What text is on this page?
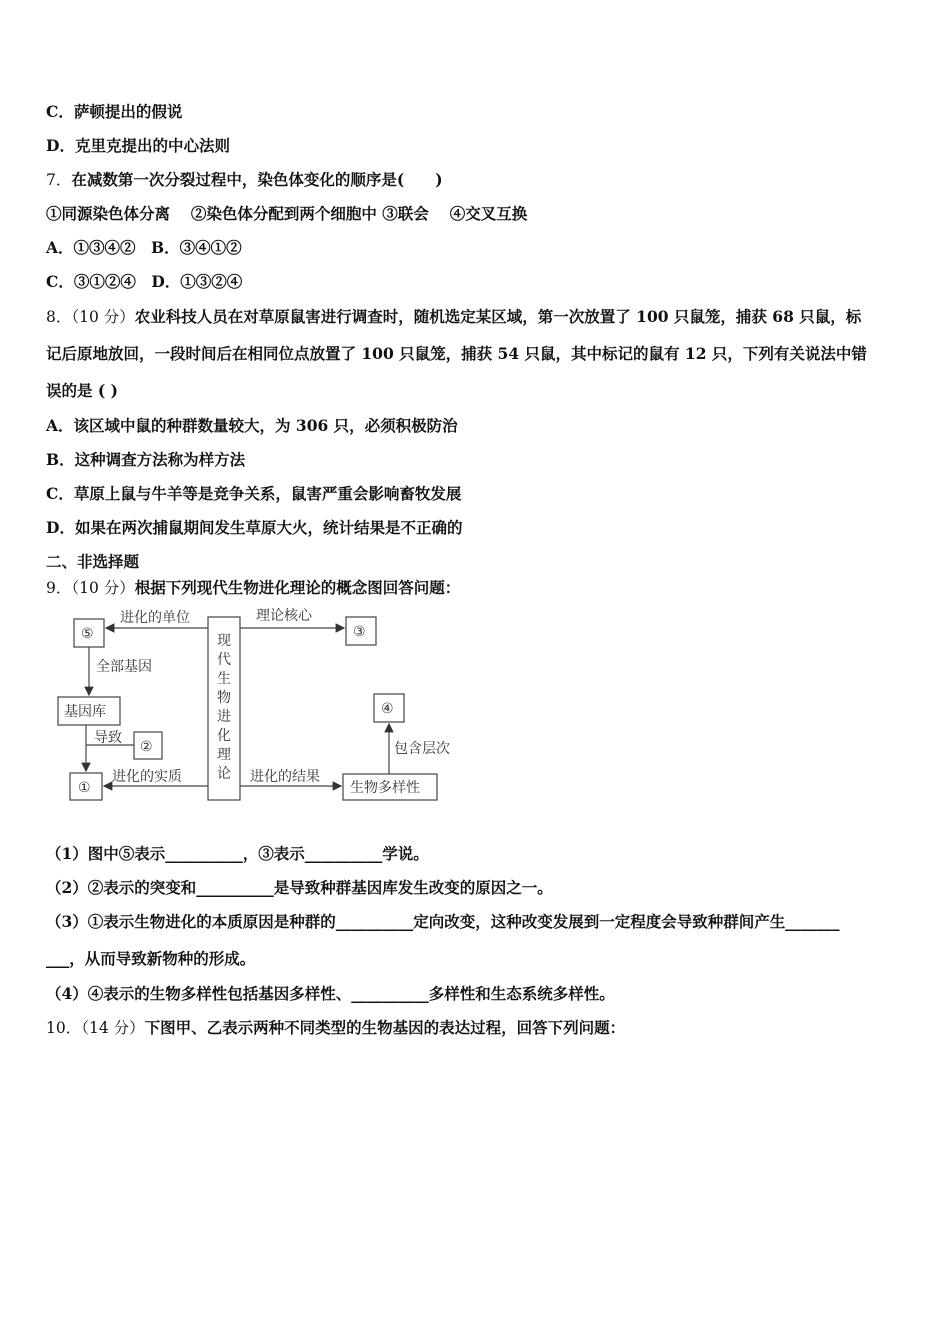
C．萨顿提出的假说
D．克里克提出的中心法则
7．在减数第一次分裂过程中，染色体变化的顺序是(　　)
①同源染色体分离　 ②染色体分配到两个细胞中 ③联会　 ④交叉互换
A．①③④②　B．③④①②
C．③①②④　D．①③②④
8．（10 分）农业科技人员在对草原鼠害进行调查时，随机选定某区域，第一次放置了 100 只鼠笼，捕获 68 只鼠，标
记后原地放回，一段时间后在相同位点放置了 100 只鼠笼，捕获 54 只鼠，其中标记的鼠有 12 只，下列有关说法中错
误的是 ( )
A．该区域中鼠的种群数量较大，为 306 只，必须积极防治
B．这种调查方法称为样方法
C．草原上鼠与牛羊等是竞争关系，鼠害严重会影响畜牧发展
D．如果在两次捕鼠期间发生草原大火，统计结果是不正确的
二、非选择题
9．（10 分）根据下列现代生物进化理论的概念图回答问题：
⑤	③
④
②
①
基因库
生物多样性
进化的单位	理论核心
全部基因
导致
进化的实质	进化的结果
包含层次
现
代
生
物
进
化
理
论
（1）图中⑤表示__________，③表示__________学说。
（2）②表示的突变和__________是导致种群基因库发生改变的原因之一。
（3）①表示生物进化的本质原因是种群的__________定向改变，这种改变发展到一定程度会导致种群间产生_______
___，从而导致新物种的形成。
（4）④表示的生物多样性包括基因多样性、__________多样性和生态系统多样性。
10．（14 分）下图甲、乙表示两种不同类型的生物基因的表达过程，回答下列问题：
